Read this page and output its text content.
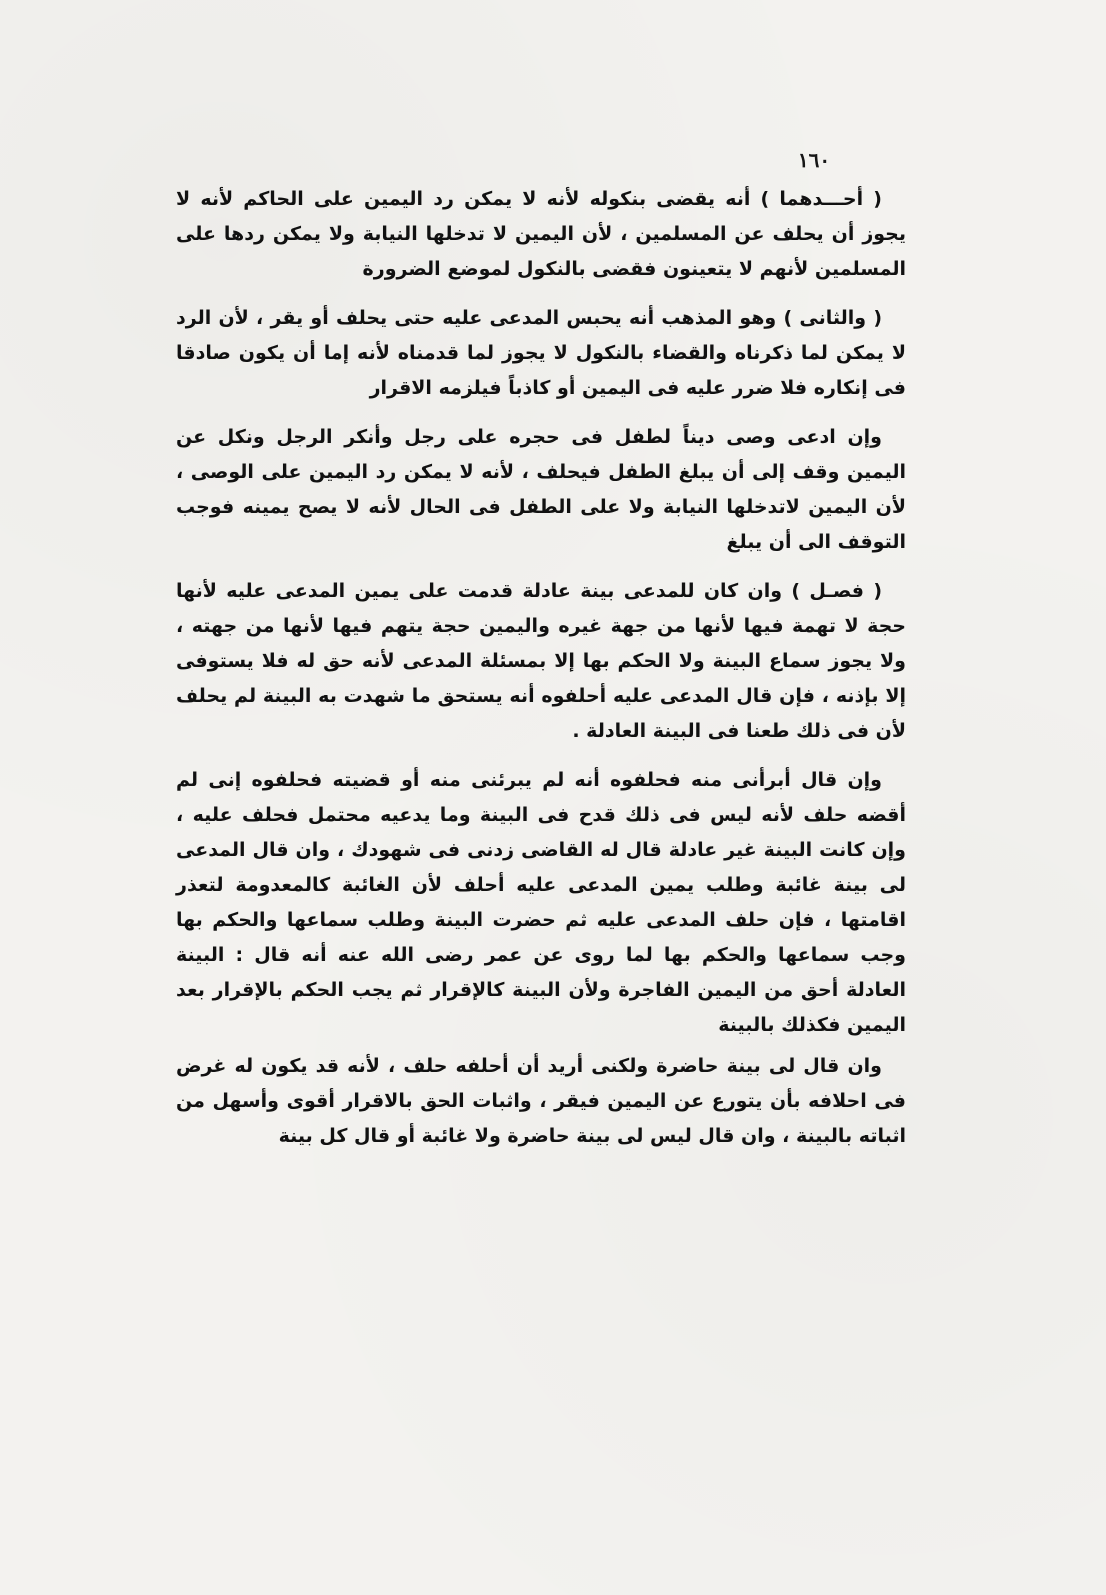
١٦٠

( أحـــدهما ) أنه يقضى بنكوله لأنه لا يمكن رد اليمين على الحاكم لأنه لا يجوز أن يحلف عن المسلمين ، لأن اليمين لا تدخلها النيابة ولا يمكن ردها على المسلمين لأنهم لا يتعينون فقضى بالنكول لموضع الضرورة

( والثانى ) وهو المذهب أنه يحبس المدعى عليه حتى يحلف أو يقر ، لأن الرد لا يمكن لما ذكرناه والقضاء بالنكول لا يجوز لما قدمناه لأنه إما أن يكون صادقا فى إنكاره فلا ضرر عليه فى اليمين أو كاذباً فيلزمه الاقرار

وإن ادعى وصى ديناً لطفل فى حجره على رجل وأنكر الرجل ونكل عن اليمين وقف إلى أن يبلغ الطفل فيحلف ، لأنه لا يمكن رد اليمين على الوصى ، لأن اليمين لاتدخلها النيابة ولا على الطفل فى الحال لأنه لا يصح يمينه فوجب التوقف الى أن يبلغ

( فصـل ) وان كان للمدعى بينة عادلة قدمت على يمين المدعى عليه لأنها حجة لا تهمة فيها لأنها من جهة غيره واليمين حجة يتهم فيها لأنها من جهته ، ولا يجوز سماع البينة ولا الحكم بها إلا بمسئلة المدعى لأنه حق له فلا يستوفى إلا بإذنه ، فإن قال المدعى عليه أحلفوه أنه يستحق ما شهدت به البينة لم يحلف لأن فى ذلك طعنا فى البينة العادلة .

وإن قال أبرأنى منه فحلفوه أنه لم يبرئنى منه أو قضيته فحلفوه إنى لم أقضه حلف لأنه ليس فى ذلك قدح فى البينة وما يدعيه محتمل فحلف عليه ، وإن كانت البينة غير عادلة قال له القاضى زدنى فى شهودك ، وان قال المدعى لى بينة غائبة وطلب يمين المدعى عليه أحلف لأن الغائبة كالمعدومة لتعذر اقامتها ، فإن حلف المدعى عليه ثم حضرت البينة وطلب سماعها والحكم بها وجب سماعها والحكم بها لما روى عن عمر رضى الله عنه أنه قال : البينة العادلة أحق من اليمين الفاجرة ولأن البينة كالإقرار ثم يجب الحكم بالإقرار بعد اليمين فكذلك بالبينة

وان قال لى بينة حاضرة ولكنى أريد أن أحلفه حلف ، لأنه قد يكون له غرض فى احلافه بأن يتورع عن اليمين فيقر ، واثبات الحق بالاقرار أقوى وأسهل من اثباته بالبينة ، وان قال ليس لى بينة حاضرة ولا غائبة أو قال كل بينة
